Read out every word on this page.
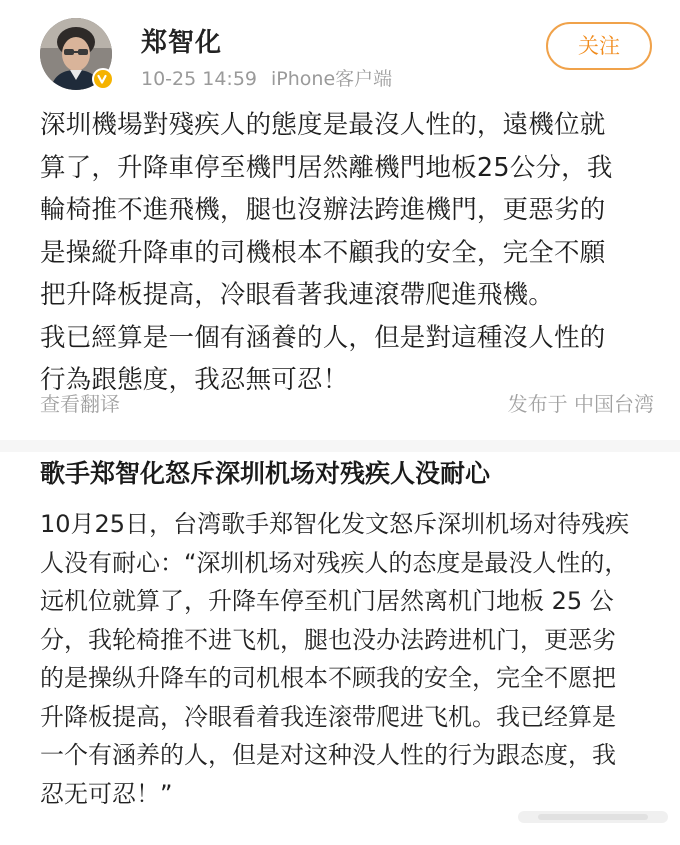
郑智化
10-25 14:59 iPhone客户端
关注

深圳機場對殘疾人的態度是最沒人性的，遠機位就

算了，升降車停至機門居然離機門地板25公分，我

輪椅推不進飛機，腿也沒辦法跨進機門，更惡劣的

是操縱升降車的司機根本不顧我的安全，完全不願

把升降板提高，冷眼看著我連滾帶爬進飛機。

我已經算是一個有涵養的人，但是對這種沒人性的

行為跟態度，我忍無可忍！

查看翻译	发布于 中国台湾
歌手郑智化怒斥深圳机场对残疾人没耐心

10月25日，台湾歌手郑智化发文怒斥深圳机场对待残疾

人没有耐心：“深圳机场对残疾人的态度是最没人性的，

远机位就算了，升降车停至机门居然离机门地板 25 公

分，我轮椅推不进飞机，腿也没办法跨进机门，更恶劣

的是操纵升降车的司机根本不顾我的安全，完全不愿把

升降板提高，冷眼看着我连滚带爬进飞机。我已经算是

一个有涵养的人，但是对这种没人性的行为跟态度，我

忍无可忍！”
